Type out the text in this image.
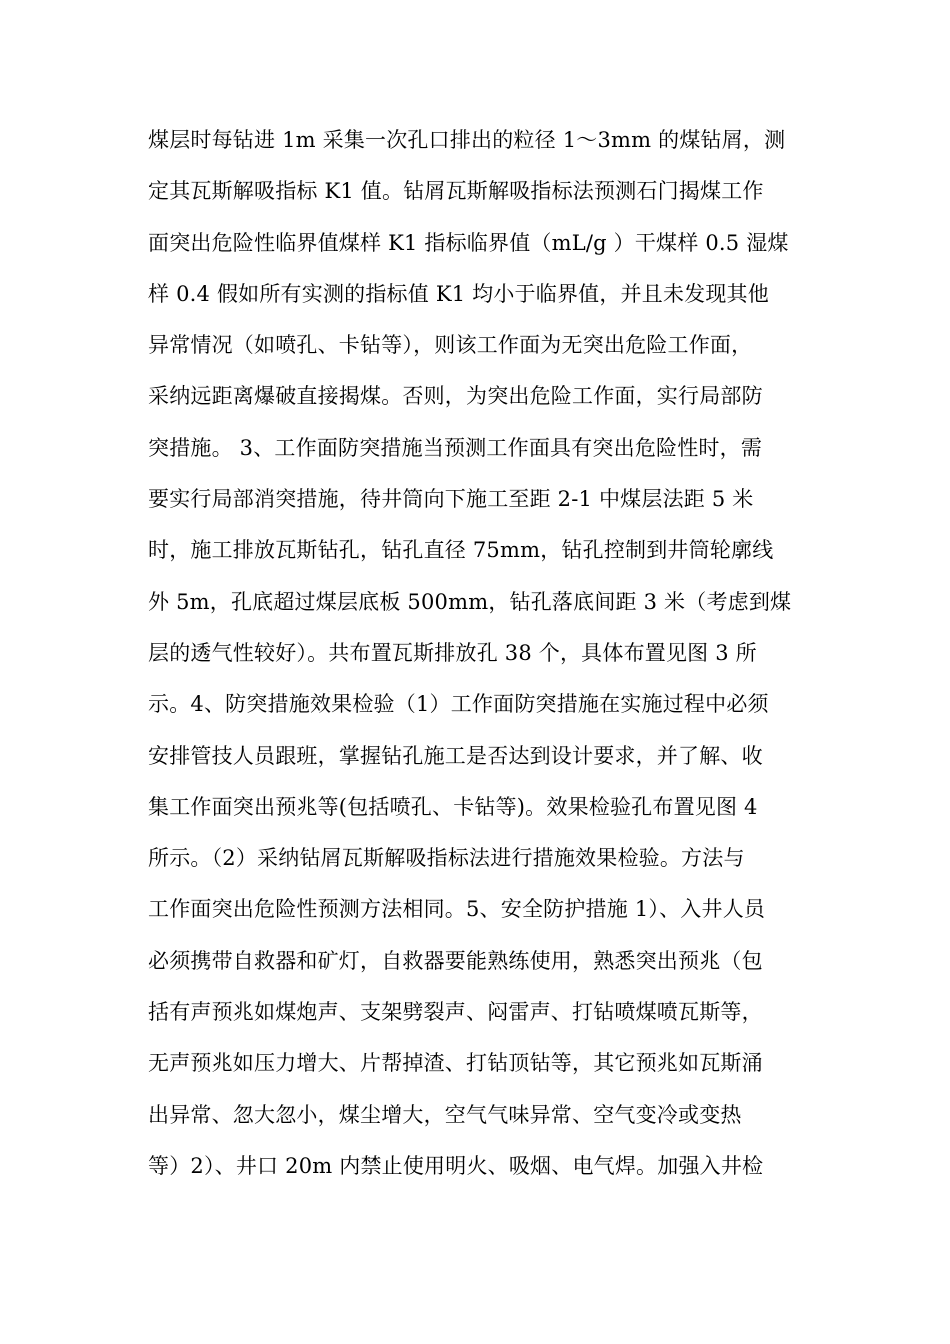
煤层时每钻进 1m 采集一次孔口排出的粒径 1～3mm 的煤钻屑，测
定其瓦斯解吸指标 K1 值。钻屑瓦斯解吸指标法预测石门揭煤工作
面突出危险性临界值煤样 K1 指标临界值（mL/g ）干煤样 0.5 湿煤
样 0.4 假如所有实测的指标值 K1 均小于临界值，并且未发现其他
异常情况（如喷孔、卡钻等），则该工作面为无突出危险工作面，
采纳远距离爆破直接揭煤。否则，为突出危险工作面，实行局部防
突措施。 3、工作面防突措施当预测工作面具有突出危险性时，需
要实行局部消突措施，待井筒向下施工至距 2-1 中煤层法距 5 米
时，施工排放瓦斯钻孔，钻孔直径 75mm，钻孔控制到井筒轮廓线
外 5m，孔底超过煤层底板 500mm，钻孔落底间距 3 米（考虑到煤
层的透气性较好）。共布置瓦斯排放孔 38 个，具体布置见图 3 所
示。4、防突措施效果检验（1）工作面防突措施在实施过程中必须
安排管技人员跟班，掌握钻孔施工是否达到设计要求，并了解、收
集工作面突出预兆等(包括喷孔、卡钻等)。效果检验孔布置见图 4
所示。（2）采纳钻屑瓦斯解吸指标法进行措施效果检验。方法与
工作面突出危险性预测方法相同。5、安全防护措施 1）、入井人员
必须携带自救器和矿灯，自救器要能熟练使用，熟悉突出预兆（包
括有声预兆如煤炮声、支架劈裂声、闷雷声、打钻喷煤喷瓦斯等，
无声预兆如压力增大、片帮掉渣、打钻顶钻等，其它预兆如瓦斯涌
出异常、忽大忽小，煤尘增大，空气气味异常、空气变冷或变热
等）2）、井口 20m 内禁止使用明火、吸烟、电气焊。加强入井检
